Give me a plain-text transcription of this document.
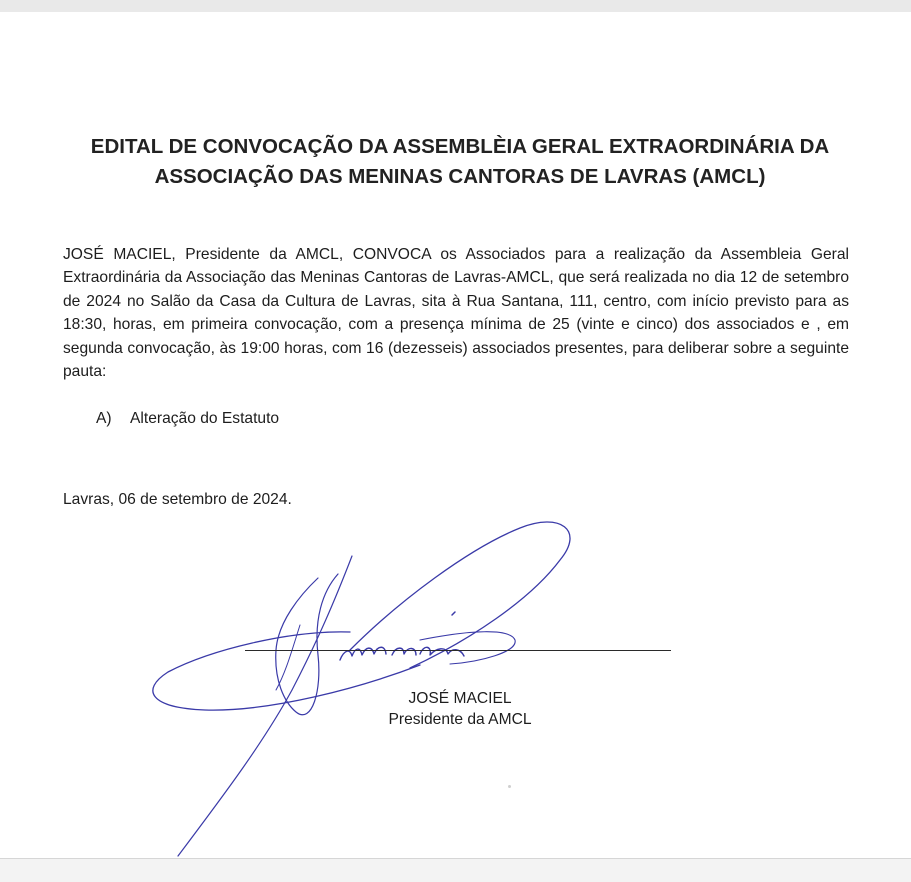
EDITAL DE CONVOCAÇÃO DA ASSEMBLÈIA GERAL EXTRAORDINÁRIA DA
ASSOCIAÇÃO DAS MENINAS CANTORAS DE LAVRAS (AMCL)
JOSÉ MACIEL, Presidente da AMCL, CONVOCA os Associados para a realização da Assembleia Geral Extraordinária da Associação das Meninas Cantoras de Lavras-AMCL, que será realizada no dia 12 de setembro de 2024 no Salão da Casa da Cultura de Lavras, sita à Rua Santana, 111, centro, com início previsto para as 18:30, horas, em primeira convocação, com a presença mínima de 25 (vinte e cinco) dos associados e , em segunda convocação, às 19:00 horas, com 16 (dezesseis) associados presentes, para deliberar sobre a seguinte pauta:
A) Alteração do Estatuto
Lavras, 06 de setembro de 2024.
JOSÉ MACIEL
Presidente da AMCL
